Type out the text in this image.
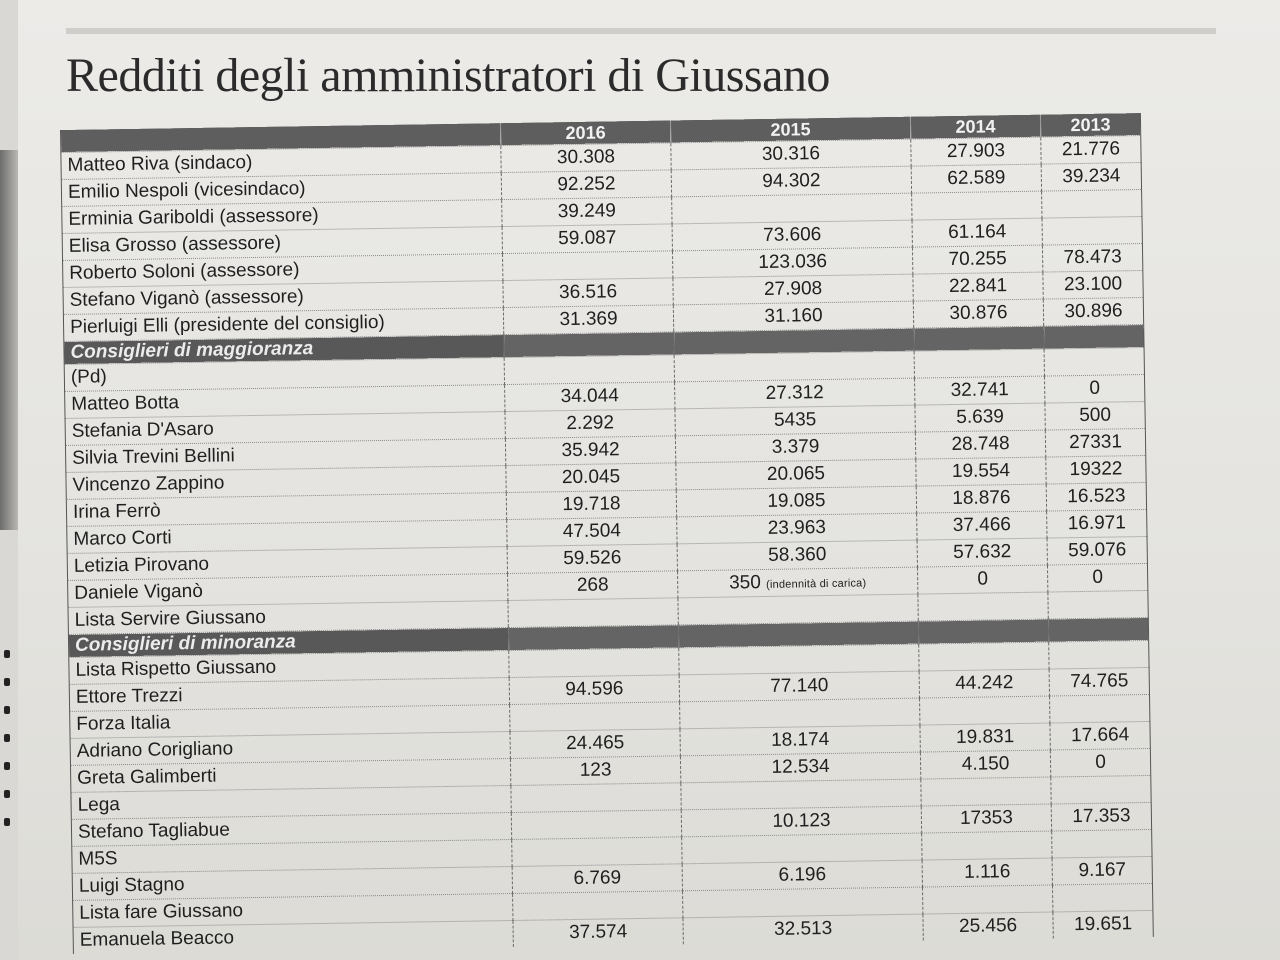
Redditi degli amministratori di Giussano
	2016	2015	2014	2013
Matteo Riva (sindaco)	30.308	30.316	27.903	21.776
Emilio Nespoli (vicesindaco)	92.252	94.302	62.589	39.234
Erminia Gariboldi (assessore)	39.249			
Elisa Grosso (assessore)	59.087	73.606	61.164	
Roberto Soloni (assessore)		123.036	70.255	78.473
Stefano Viganò (assessore)	36.516	27.908	22.841	23.100
Pierluigi Elli (presidente del consiglio)	31.369	31.160	30.876	30.896
Consiglieri di maggioranza				
(Pd)				
Matteo Botta	34.044	27.312	32.741	0
Stefania D'Asaro	2.292	5435	5.639	500
Silvia Trevini Bellini	35.942	3.379	28.748	27331
Vincenzo Zappino	20.045	20.065	19.554	19322
Irina Ferrò	19.718	19.085	18.876	16.523
Marco Corti	47.504	23.963	37.466	16.971
Letizia Pirovano	59.526	58.360	57.632	59.076
Daniele Viganò	268	350 (indennità di carica)	0	0
Lista Servire Giussano				
Consiglieri di minoranza				
Lista Rispetto Giussano				
Ettore Trezzi	94.596	77.140	44.242	74.765
Forza Italia				
Adriano Corigliano	24.465	18.174	19.831	17.664
Greta Galimberti	123	12.534	4.150	0
Lega				
Stefano Tagliabue		10.123	17353	17.353
M5S				
Luigi Stagno	6.769	6.196	1.116	9.167
Lista fare Giussano				
Emanuela Beacco	37.574	32.513	25.456	19.651
